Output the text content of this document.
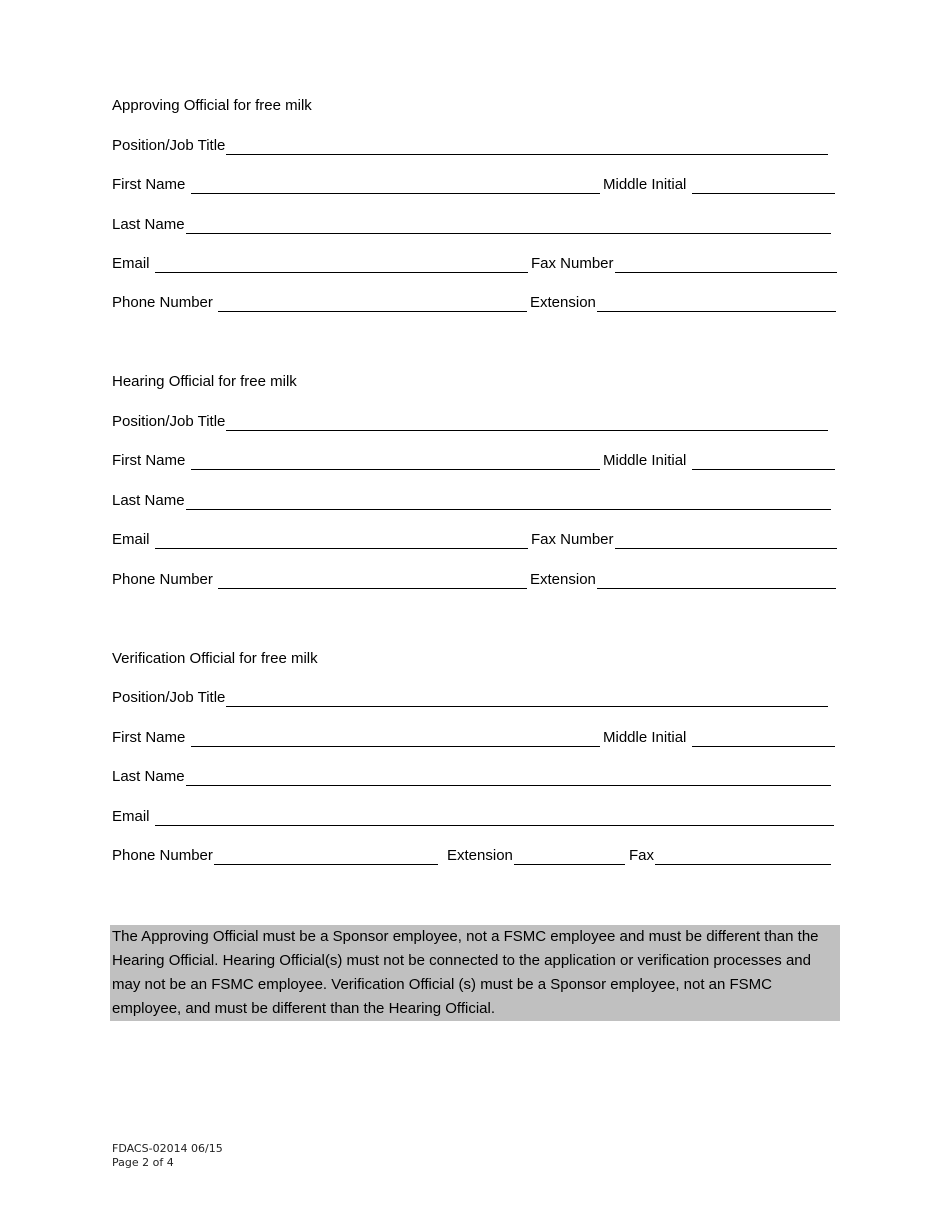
Approving Official for free milk
Position/Job Title
First Name	Middle Initial
Last Name
Email	Fax Number
Phone Number	Extension
Hearing Official for free milk
Position/Job Title
First Name	Middle Initial
Last Name
Email	Fax Number
Phone Number	Extension
Verification Official for free milk
Position/Job Title
First Name	Middle Initial
Last Name
Email
Phone Number	Extension	Fax

The Approving Official must be a Sponsor employee, not a FSMC employee and must be different than the Hearing Official. Hearing Official(s) must not be connected to the application or verification processes and may not be an FSMC employee. Verification Official (s) must be a Sponsor employee, not an FSMC employee, and must be different than the Hearing Official.

FDACS-02014 06/15
Page 2 of 4
